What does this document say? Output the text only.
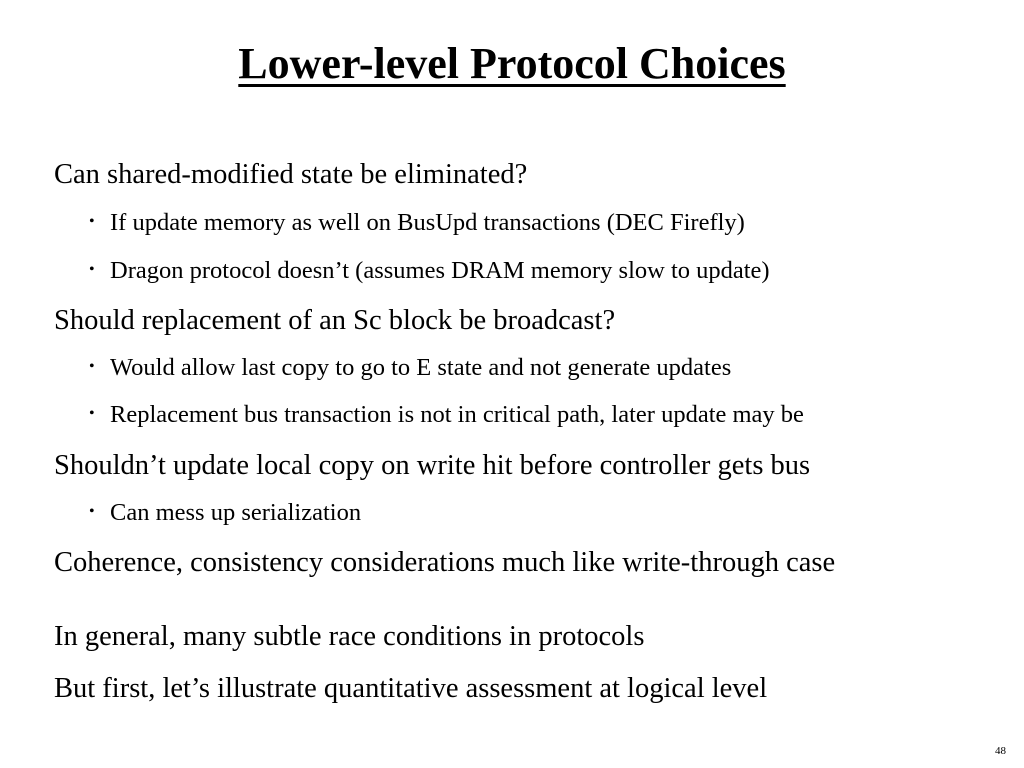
Lower-level Protocol Choices
Can shared-modified state be eliminated?
• If update memory as well on BusUpd transactions (DEC Firefly)
• Dragon protocol doesn’t (assumes DRAM memory slow to update)
Should replacement of an Sc block be broadcast?
• Would allow last copy to go to E state and not generate updates
• Replacement bus transaction is not in critical path, later update may be
Shouldn’t update local copy on write hit before controller gets bus
• Can mess up serialization
Coherence, consistency considerations much like write-through case
In general, many subtle race conditions in protocols
But first, let’s illustrate quantitative assessment at logical level
48
